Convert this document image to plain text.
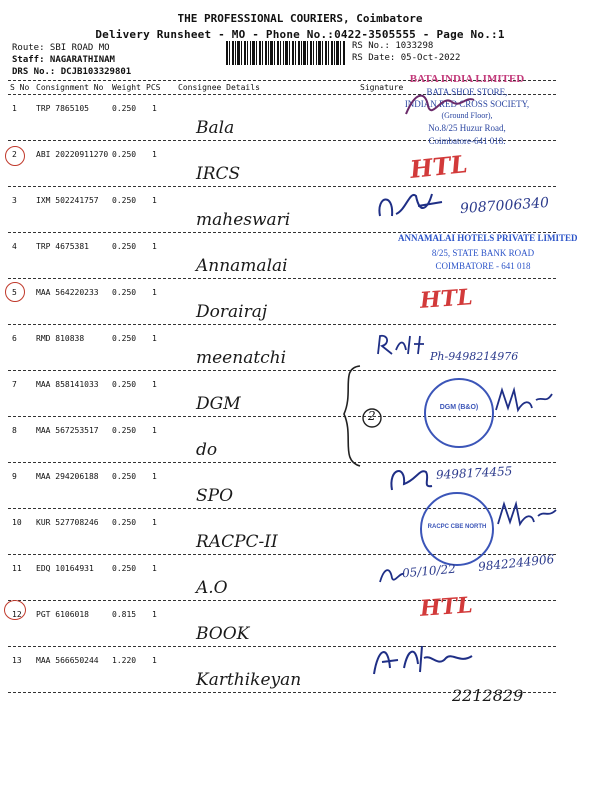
THE PROFESSIONAL COURIERS, Coimbatore
Delivery Runsheet - MO - Phone No.:0422-3505555 - Page No.:1
Route: SBI ROAD MO
Staff: NAGARATHINAM
DRS No.: DCJB103329801
RS No.: 1033298
RS Date: 05-Oct-2022
S No Consignment No Weight PCS Consignee Details	Signature
1 TRP 7865105	0.250 1
Bala
2 ABI 20220911270 0.250 1
IRCS
3 IXM 502241757 0.250 1
maheswari
4 TRP 4675381	0.250 1
Annamalai
5 MAA 564220233 0.250 1
Dorairaj
6 RMD 810838	0.250 1
meenatchi
7 MAA 858141033 0.250 1
DGM
8 MAA 567253517 0.250 1
do
9 MAA 294206188 0.250 1
SPO
10 KUR 527708246 0.250 1
RACPC-II
11 EDQ 10164931 0.250 1
A.O
12 PGT 6106018	0.815 1
BOOK
13 MAA 566650244 1.220 1
Karthikeyan
2
BATA INDIA LIMITED
BATA SHOE STORE,
INDIAN RED CROSS SOCIETY,
(Ground Floor),
No.8/25 Huzur Road,
Coimbatore-641 018.
HTL
HTL
HTL
9087006340
ANNAMALAI HOTELS PRIVATE LIMITED
8/25, STATE BANK ROAD
COIMBATORE - 641 018
Ph-9498214976
DGM (B&O)
9498174455
RACPC CBE NORTH
05/10/22 9842244906
2212829
